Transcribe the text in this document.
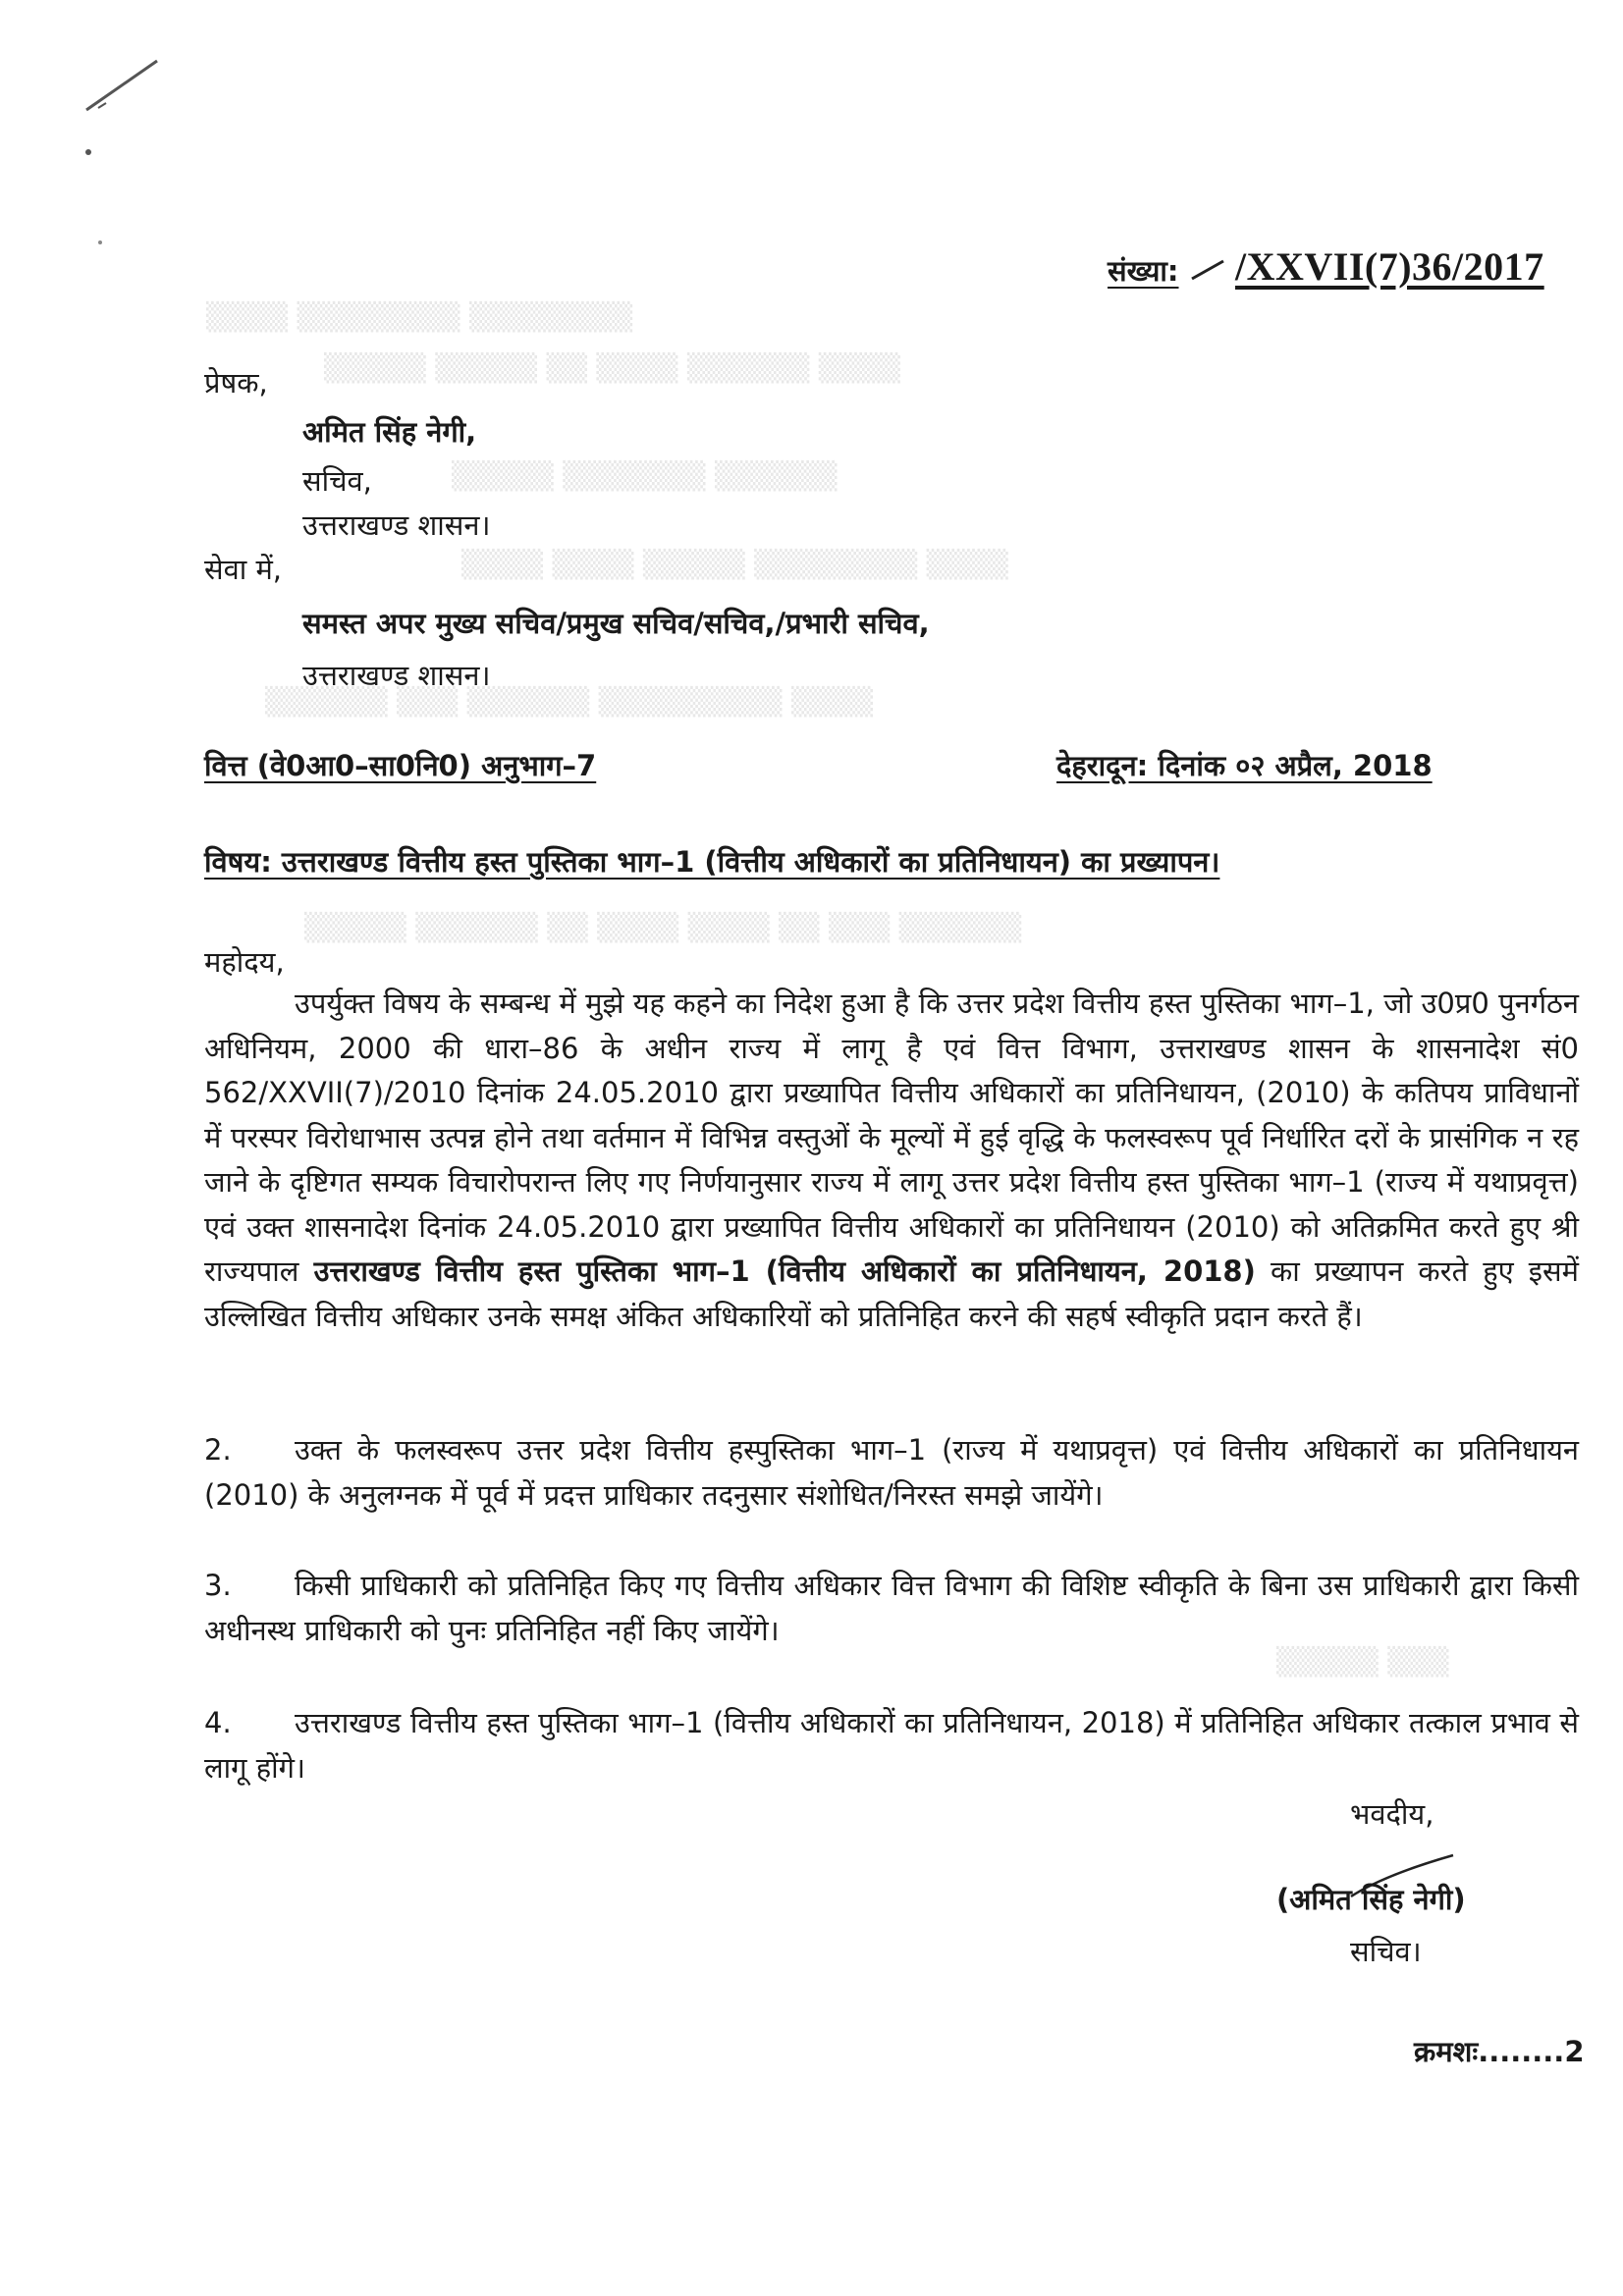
▒▒▒▒ ▒▒▒▒▒▒▒▒ ▒▒▒▒▒▒▒▒
▒▒▒▒▒ ▒▒▒▒▒ ▒▒ ▒▒▒▒ ▒▒▒▒▒▒ ▒▒▒▒
▒▒▒▒▒ ▒▒▒▒▒▒▒ ▒▒▒▒▒▒
▒▒▒▒ ▒▒▒▒ ▒▒▒▒▒ ▒▒▒▒▒▒▒▒ ▒▒▒▒
▒▒▒▒▒▒ ▒▒▒ ▒▒▒▒▒▒ ▒▒▒▒▒▒▒▒▒ ▒▒▒▒
▒▒▒▒▒ ▒▒▒▒▒▒ ▒▒ ▒▒▒▒ ▒▒▒▒ ▒▒ ▒▒▒ ▒▒▒▒▒▒
▒▒▒▒▒ ▒▒▒
संख्या: /XXVII(7)36/2017
प्रेषक,
अमित सिंह नेगी,
सचिव,
उत्तराखण्ड शासन।
सेवा में,
समस्त अपर मुख्य सचिव/प्रमुख सचिव/सचिव,/प्रभारी सचिव,
उत्तराखण्ड शासन।
वित्त (वे0आ0–सा0नि0) अनुभाग–7	देहरादून: दिनांक ०२ अप्रैल, 2018
विषय: उत्तराखण्ड वित्तीय हस्त पुस्तिका भाग–1 (वित्तीय अधिकारों का प्रतिनिधायन) का प्रख्यापन।
महोदय,
उपर्युक्त विषय के सम्बन्ध में मुझे यह कहने का निदेश हुआ है कि उत्तर प्रदेश वित्तीय हस्त पुस्तिका भाग–1, जो उ0प्र0 पुनर्गठन अधिनियम, 2000 की धारा–86 के अधीन राज्य में लागू है एवं वित्त विभाग, उत्तराखण्ड शासन के शासनादेश सं0 562/XXVII(7)/2010 दिनांक 24.05.2010 द्वारा प्रख्यापित वित्तीय अधिकारों का प्रतिनिधायन, (2010) के कतिपय प्राविधानों में परस्पर विरोधाभास उत्पन्न होने तथा वर्तमान में विभिन्न वस्तुओं के मूल्यों में हुई वृद्धि के फलस्वरूप पूर्व निर्धारित दरों के प्रासंगिक न रह जाने के दृष्टिगत सम्यक विचारोपरान्त लिए गए निर्णयानुसार राज्य में लागू उत्तर प्रदेश वित्तीय हस्त पुस्तिका भाग–1 (राज्य में यथाप्रवृत्त) एवं उक्त शासनादेश दिनांक 24.05.2010 द्वारा प्रख्यापित वित्तीय अधिकारों का प्रतिनिधायन (2010) को अतिक्रमित करते हुए श्री राज्यपाल उत्तराखण्ड वित्तीय हस्त पुस्तिका भाग–1 (वित्तीय अधिकारों का प्रतिनिधायन, 2018) का प्रख्यापन करते हुए इसमें उल्लिखित वित्तीय अधिकार उनके समक्ष अंकित अधिकारियों को प्रतिनिहित करने की सहर्ष स्वीकृति प्रदान करते हैं।
2. उक्त के फलस्वरूप उत्तर प्रदेश वित्तीय हस्पुस्तिका भाग–1 (राज्य में यथाप्रवृत्त) एवं वित्तीय अधिकारों का प्रतिनिधायन (2010) के अनुलग्नक में पूर्व में प्रदत्त प्राधिकार तदनुसार संशोधित/निरस्त समझे जायेंगे।
3. किसी प्राधिकारी को प्रतिनिहित किए गए वित्तीय अधिकार वित्त विभाग की विशिष्ट स्वीकृति के बिना उस प्राधिकारी द्वारा किसी अधीनस्थ प्राधिकारी को पुनः प्रतिनिहित नहीं किए जायेंगे।
4. उत्तराखण्ड वित्तीय हस्त पुस्तिका भाग–1 (वित्तीय अधिकारों का प्रतिनिधायन, 2018) में प्रतिनिहित अधिकार तत्काल प्रभाव से लागू होंगे।
भवदीय,
(अमित सिंह नेगी)
सचिव।
क्रमशः........2
